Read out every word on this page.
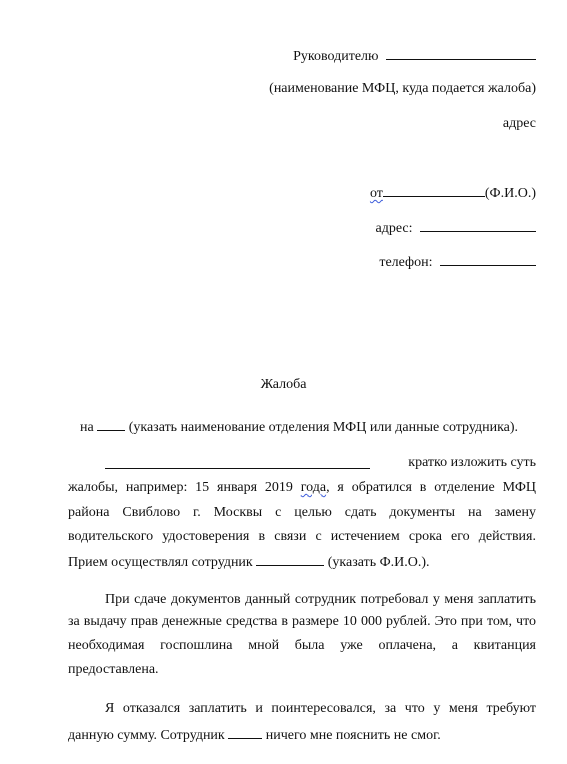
Руководителю
(наименование МФЦ, куда подается жалоба)
адрес
от	(Ф.И.О.)
адрес:
телефон:
Жалоба
на	(указать наименование отделения МФЦ или данные сотрудника).
кратко изложить суть
жалобы, например: 15 января 2019 года, я обратился в отделение МФЦ
района Свиблово г. Москвы с целью сдать документы на замену
водительского удостоверения в связи с истечением срока его действия.
Прием осуществлял сотрудник	(указать Ф.И.О.).
При сдаче документов данный сотрудник потребовал у меня заплатить
за выдачу прав денежные средства в размере 10 000 рублей. Это при том, что
необходимая госпошлина мной была уже оплачена, а квитанция
предоставлена.
Я отказался заплатить и поинтересовался, за что у меня требуют
данную сумму. Сотрудник	ничего мне пояснить не смог.
